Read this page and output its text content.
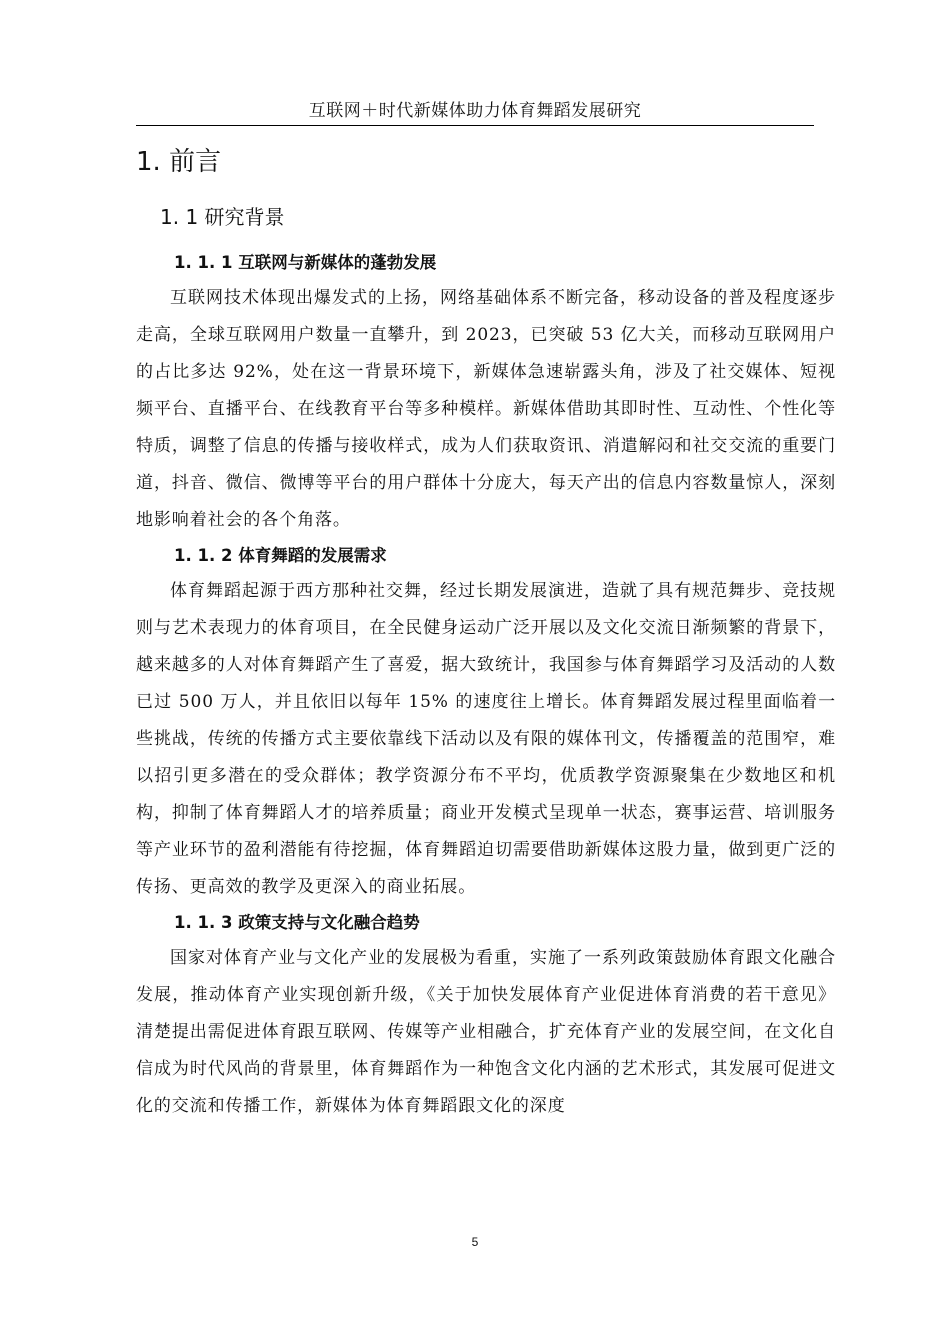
互联网＋时代新媒体助力体育舞蹈发展研究
1. 前言
1. 1 研究背景
1. 1. 1 互联网与新媒体的蓬勃发展

互联网技术体现出爆发式的上扬，网络基础体系不断完备，移动设备的普及程度逐步走高，全球互联网用户数量一直攀升，到 2023，已突破 53 亿大关，而移动互联网用户的占比多达 92%，处在这一背景环境下，新媒体急速崭露头角，涉及了社交媒体、短视频平台、直播平台、在线教育平台等多种模样。新媒体借助其即时性、互动性、个性化等特质，调整了信息的传播与接收样式，成为人们获取资讯、消遣解闷和社交交流的重要门道，抖音、微信、微博等平台的用户群体十分庞大，每天产出的信息内容数量惊人，深刻地影响着社会的各个角落。

1. 1. 2 体育舞蹈的发展需求

体育舞蹈起源于西方那种社交舞，经过长期发展演进，造就了具有规范舞步、竞技规则与艺术表现力的体育项目，在全民健身运动广泛开展以及文化交流日渐频繁的背景下，越来越多的人对体育舞蹈产生了喜爱，据大致统计，我国参与体育舞蹈学习及活动的人数已过 500 万人，并且依旧以每年 15% 的速度往上增长。体育舞蹈发展过程里面临着一些挑战，传统的传播方式主要依靠线下活动以及有限的媒体刊文，传播覆盖的范围窄，难以招引更多潜在的受众群体；教学资源分布不平均，优质教学资源聚集在少数地区和机构，抑制了体育舞蹈人才的培养质量；商业开发模式呈现单一状态，赛事运营、培训服务等产业环节的盈利潜能有待挖掘，体育舞蹈迫切需要借助新媒体这股力量，做到更广泛的传扬、更高效的教学及更深入的商业拓展。

1. 1. 3 政策支持与文化融合趋势

国家对体育产业与文化产业的发展极为看重，实施了一系列政策鼓励体育跟文化融合发展，推动体育产业实现创新升级，《关于加快发展体育产业促进体育消费的若干意见》清楚提出需促进体育跟互联网、传媒等产业相融合，扩充体育产业的发展空间，在文化自信成为时代风尚的背景里，体育舞蹈作为一种饱含文化内涵的艺术形式，其发展可促进文化的交流和传播工作，新媒体为体育舞蹈跟文化的深度

5
